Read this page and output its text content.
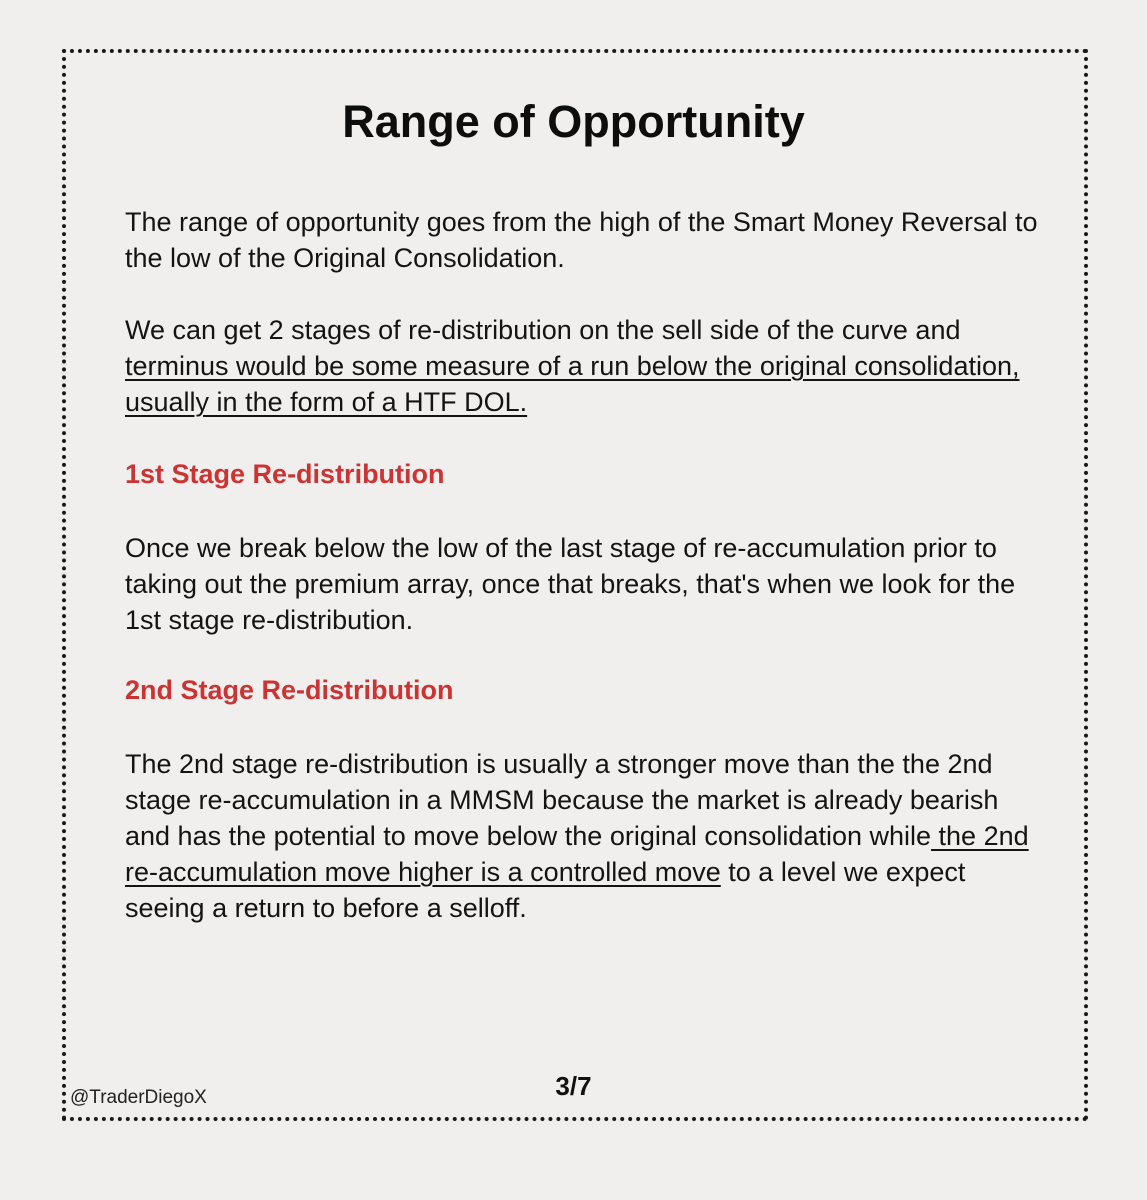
Range of Opportunity

The range of opportunity goes from the high of the Smart Money Reversal to the low of the Original Consolidation.

We can get 2 stages of re-distribution on the sell side of the curve and terminus would be some measure of a run below the original consolidation, usually in the form of a HTF DOL.

1st Stage Re-distribution

Once we break below the low of the last stage of re-accumulation prior to taking out the premium array, once that breaks, that's when we look for the 1st stage re-distribution.

2nd Stage Re-distribution

The 2nd stage re-distribution is usually a stronger move than the the 2nd stage re-accumulation in a MMSM because the market is already bearish and has the potential to move below the original consolidation while the 2nd re-accumulation move higher is a controlled move to a level we expect seeing a return to before a selloff.

@TraderDiegoX	3/7
